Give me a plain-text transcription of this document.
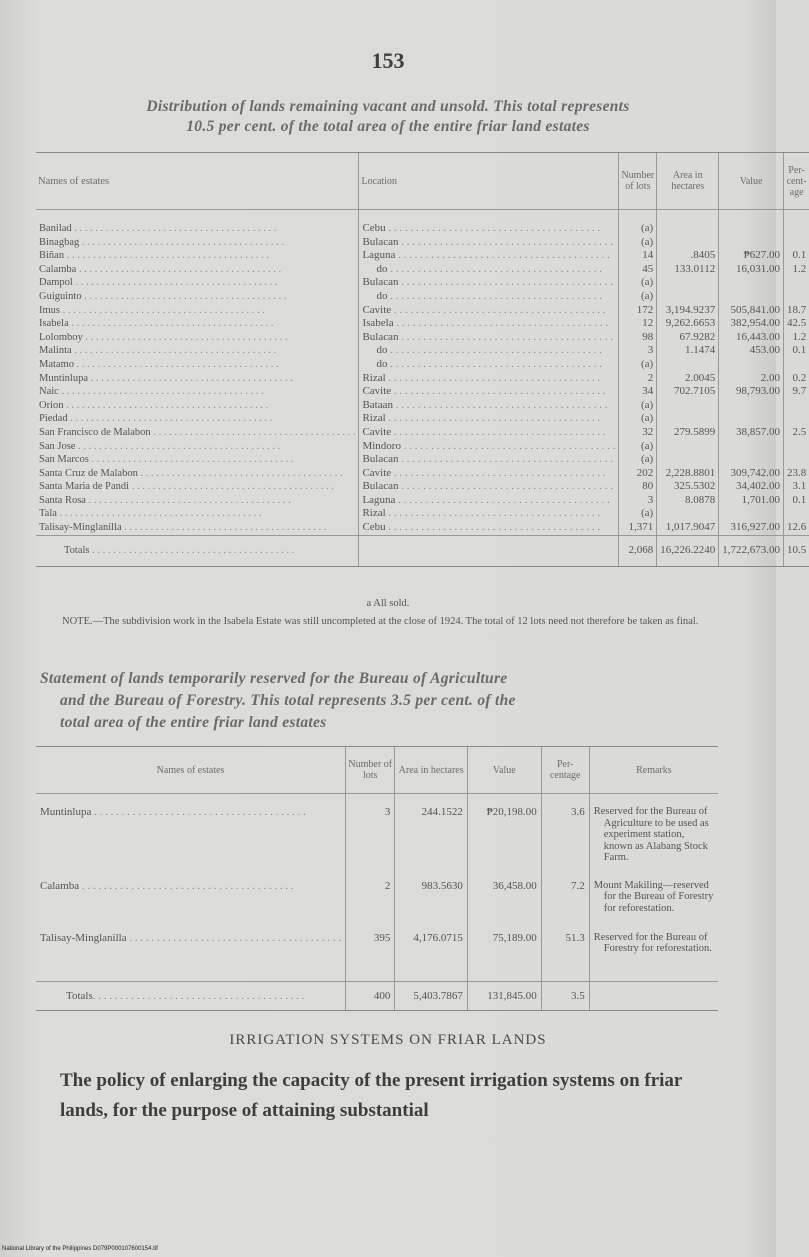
153
Distribution of lands remaining vacant and unsold. This total represents
10.5 per cent. of the total area of the entire friar land estates
Names of estates	Location	Number of lots	Area in hectares	Value	Per-cent-age
Banilad . . .	Cebu . . .	(a)			
Binagbag . . .	Bulacan . . .	(a)			
Biñan . . .	Laguna . . .	14	.8405	₱627.00	0.1
Calamba . . .	do . . .	45	133.0112	16,031.00	1.2
Dampol . . .	Bulacan . . .	(a)			
Guiguinto . . .	do . . .	(a)			
Imus . . .	Cavite . . .	172	3,194.9237	505,841.00	18.7
Isabela . . .	Isabela . . .	12	9,262.6653	382,954.00	42.5
Lolomboy . . .	Bulacan . . .	98	67.9282	16,443.00	1.2
Malinta . . .	do . . .	3	1.1474	453.00	0.1
Matamo . . .	do . . .	(a)			
Muntinlupa . . .	Rizal . . .	2	2.0045	2.00	0.2
Naic . . .	Cavite . . .	34	702.7105	98,793.00	9.7
Orion . . .	Bataan . . .	(a)			
Piedad . . .	Rizal . . .	(a)			
San Francisco de Malabon . . .	Cavite . . .	32	279.5899	38,857.00	2.5
San Jose . . .	Mindoro . . .	(a)			
San Marcos . . .	Bulacan . . .	(a)			
Santa Cruz de Malabon . . .	Cavite . . .	202	2,228.8801	309,742.00	23.8
Santa Maria de Pandi . . .	Bulacan . . .	80	325.5302	34,402.00	3.1
Santa Rosa . . .	Laguna . . .	3	8.0878	1,701.00	0.1
Tala . . .	Rizal . . .	(a)			
Talisay-Minglanilla . . .	Cebu . . .	1,371	1,017.9047	316,927.00	12.6
Totals . . .		2,068	16,226.2240	1,722,673.00	10.5
a All sold.
NOTE.—The subdivision work in the Isabela Estate was still uncompleted at the close of 1924. The total of 12 lots need not therefore be taken as final.
Statement of lands temporarily reserved for the Bureau of Agriculture
and the Bureau of Forestry. This total represents 3.5 per cent. of the
total area of the entire friar land estates
Names of estates	Number of lots	Area in hectares	Value	Per-centage	Remarks
Muntinlupa . . .	3	244.1522	₱20,198.00	3.6	Reserved for the Bureau of Agriculture to be used as experiment station, known as Alabang Stock Farm.
Calamba . . .	2	983.5630	36,458.00	7.2	Mount Makiling—reserved for the Bureau of Forestry for reforestation.
Talisay-Minglanilla . . .	395	4,176.0715	75,189.00	51.3	Reserved for the Bureau of Forestry for reforestation.
Totals. . .	400	5,403.7867	131,845.00	3.5	
IRRIGATION SYSTEMS ON FRIAR LANDS
The policy of enlarging the capacity of the present irrigation systems on friar lands, for the purpose of attaining substantial
National Library of the Philippines D079P000107600154.tif
